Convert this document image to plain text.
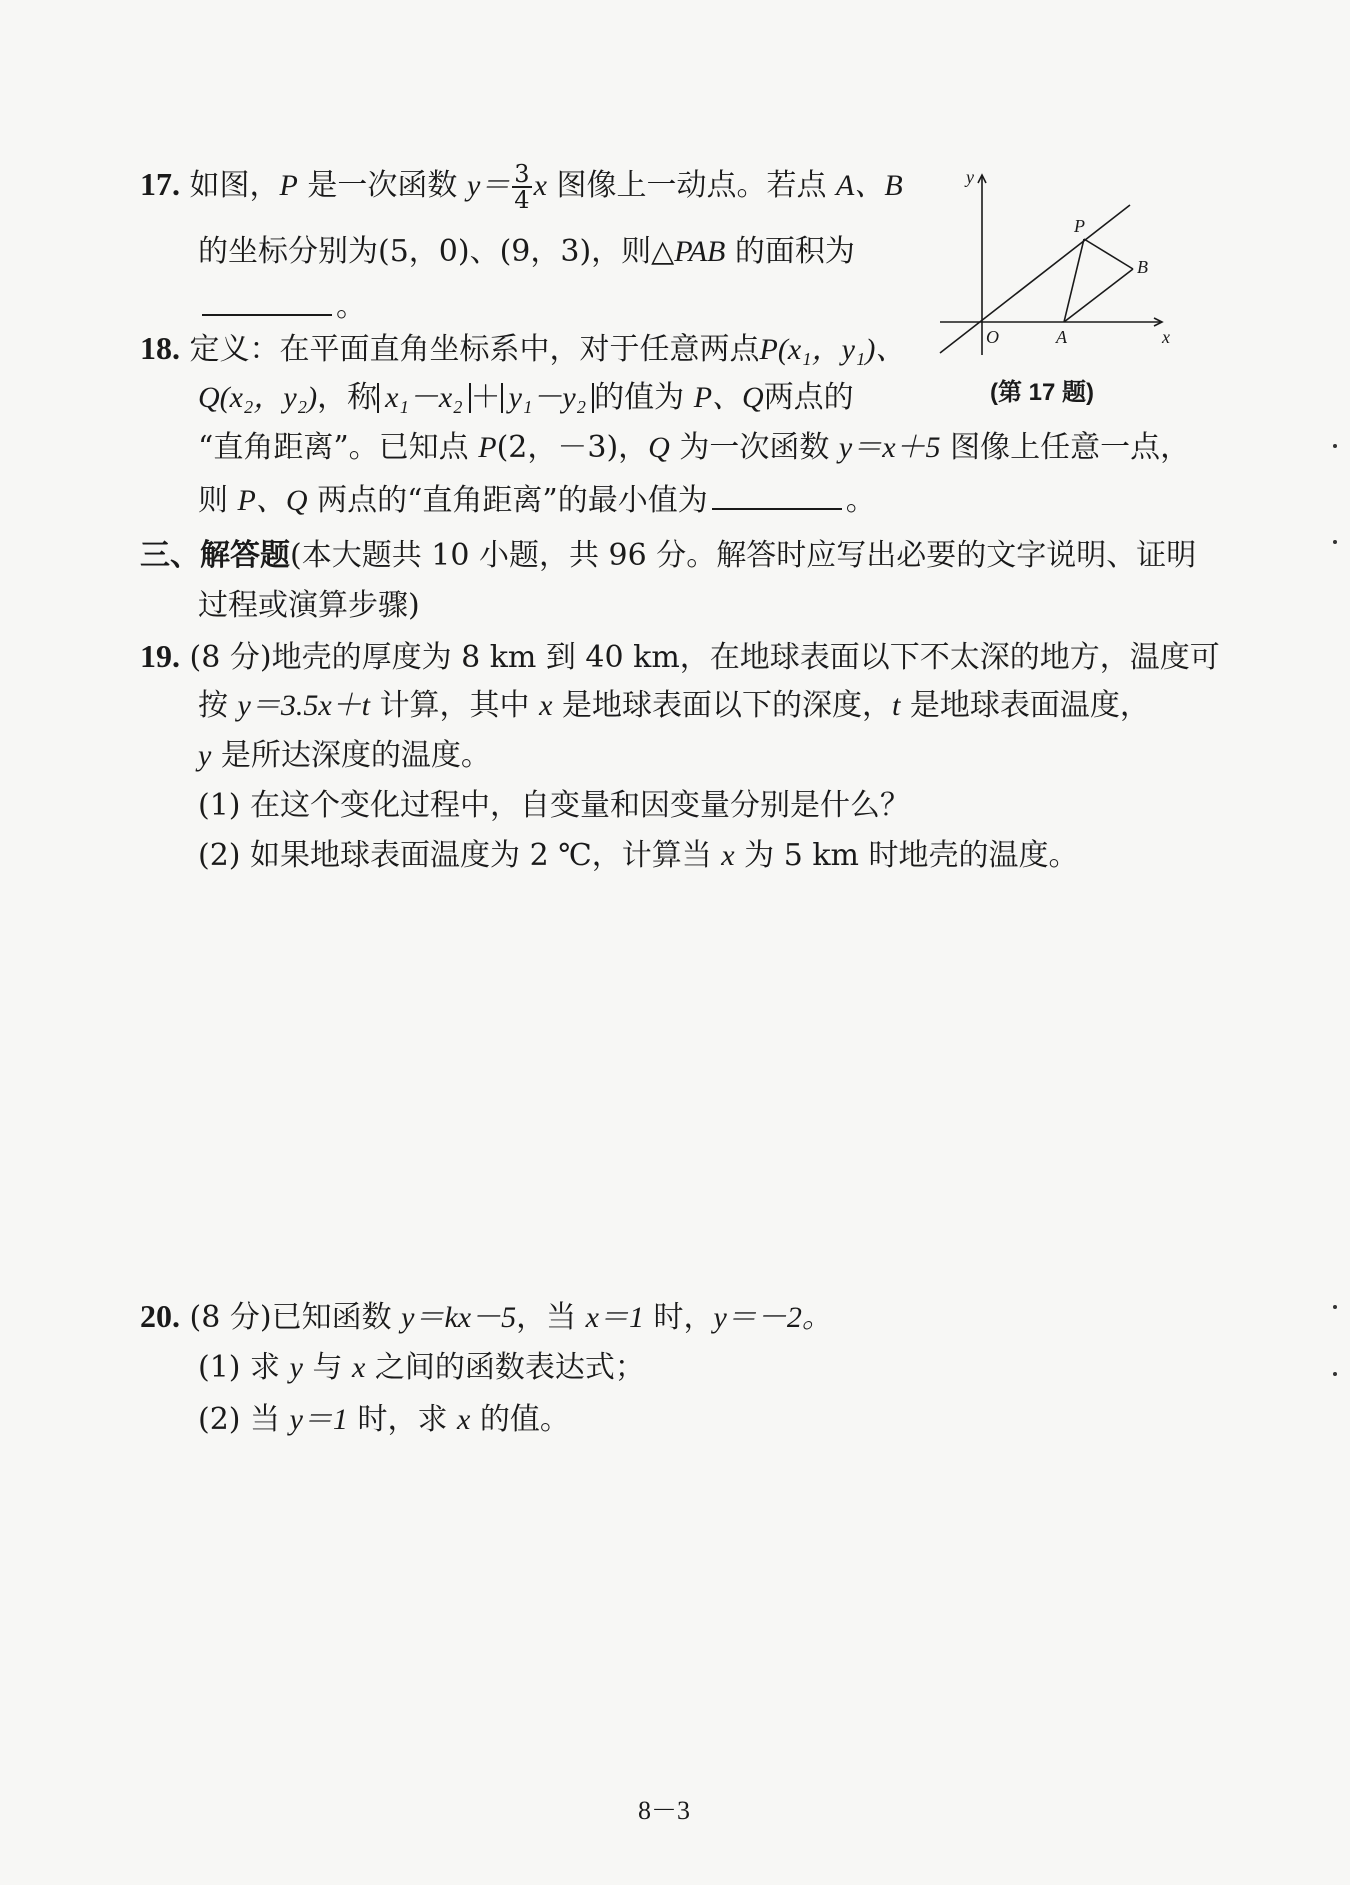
17. 如图，P 是一次函数 $y= \frac{3}{4}$ x 图像上一动点。若点 A、B
的坐标分别为(5，0)、(9，3)，则△PAB 的面积为
。
y
x
O	A
B
P
(第 17 题)
18. 定义：在平面直角坐标系中，对于任意两点P(x₁，y₁)、
Q(x₂，y₂)，称 x₁－x₂ ＋ y₁－y₂ 的值为 P、Q两点的
“直角距离”。已知点 P(2，－3)，Q 为一次函数 y＝x＋5 图像上任意一点，
则 P、Q 两点的“直角距离”的最小值为	。
三、解答题(本大题共 10 小题，共 96 分。解答时应写出必要的文字说明、证明
过程或演算步骤)
19. (8 分)地壳的厚度为 8 km 到 40 km，在地球表面以下不太深的地方，温度可
按 y＝3.5x＋t 计算，其中 x 是地球表面以下的深度，t 是地球表面温度，
y 是所达深度的温度。
(1) 在这个变化过程中，自变量和因变量分别是什么？
(2) 如果地球表面温度为 2 ℃，计算当 x 为 5 km 时地壳的温度。
20. (8 分)已知函数 y＝kx－5，当 x＝1 时，y＝－2。
(1) 求 y 与 x 之间的函数表达式；
(2) 当 y＝1 时，求 x 的值。
8－3
